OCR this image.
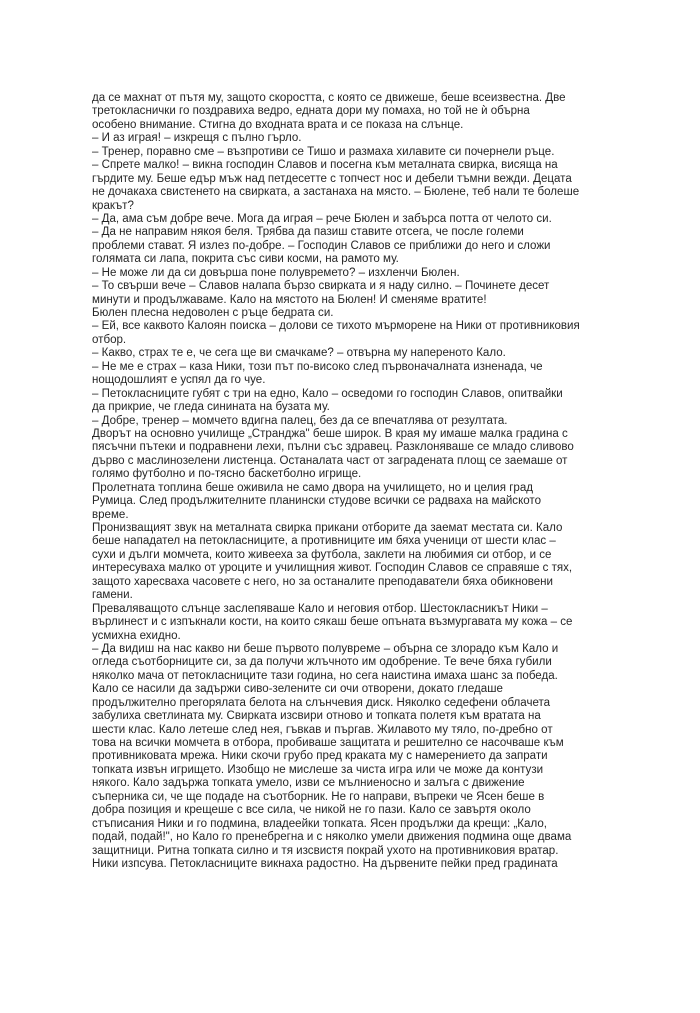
да се махнат от пътя му, защото скоростта, с която се движеше, беше всеизвестна. Две
третокласнички го поздравиха ведро, едната дори му помаха, но той не ѝ обърна
особено внимание. Стигна до входната врата и се показа на слънце.
– И аз играя! – изкрещя с пълно гърло.
– Тренер, поравно сме – възпротиви се Тишо и размаха хилавите си почернели ръце.
– Спрете малко! – викна господин Славов и посегна към металната свирка, висяща на
гърдите му. Беше едър мъж над петдесетте с топчест нос и дебели тъмни вежди. Децата
не дочакаха свистенето на свирката, а застанаха на място. – Бюлене, теб нали те болеше
кракът?
– Да, ама съм добре вече. Мога да играя – рече Бюлен и забърса потта от челото си.
– Да не направим някоя беля. Трябва да пазиш ставите отсега, че после големи
проблеми стават. Я излез по-добре. – Господин Славов се приближи до него и сложи
голямата си лапа, покрита със сиви косми, на рамото му.
– Не може ли да си довърша поне полувремето? – изхленчи Бюлен.
– То свърши вече – Славов налапа бързо свирката и я наду силно. – Починете десет
минути и продължаваме. Кало на мястото на Бюлен! И сменяме вратите!
Бюлен плесна недоволен с ръце бедрата си.
– Ей, все каквото Калоян поиска – долови се тихото мърморене на Ники от противниковия
отбор.
– Какво, страх те е, че сега ще ви смачкаме? – отвърна му напереното Кало.
– Не ме е страх – каза Ники, този път по-високо след първоначалната изненада, че
нощодошлият е успял да го чуе.
– Петокласниците губят с три на едно, Кало – осведоми го господин Славов, опитвайки
да прикрие, че гледа синината на бузата му.
– Добре, тренер – момчето вдигна палец, без да се впечатлява от резултата.
Дворът на основно училище „Странджа" беше широк. В края му имаше малка градина с
пясъчни пътеки и подравнени лехи, пълни със здравец. Разклоняваше се младо сливово
дърво с маслинозелени листенца. Останалата част от заградената площ се заемаше от
голямо футболно и по-тясно баскетболно игрище.
Пролетната топлина беше оживила не само двора на училището, но и целия град
Румица. След продължителните планински студове всички се радваха на майското
време.
Пронизващият звук на металната свирка прикани отборите да заемат местата си. Кало
беше нападател на петокласниците, а противниците им бяха ученици от шести клас –
сухи и дълги момчета, които живееха за футбола, заклети на любимия си отбор, и се
интересуваха малко от уроците и училищния живот. Господин Славов се справяше с тях,
защото харесваха часовете с него, но за останалите преподаватели бяха обикновени
гамени.
Преваляващото слънце заслепяваше Кало и неговия отбор. Шестокласникът Ники –
върлинест и с изпъкнали кости, на които сякаш беше опъната възмургавата му кожа – се
усмихна ехидно.
– Да видиш на нас какво ни беше първото полувреме – обърна се злорадо към Кало и
огледа съотборниците си, за да получи жлъчното им одобрение. Те вече бяха губили
няколко мача от петокласниците тази година, но сега наистина имаха шанс за победа.
Кало се насили да задържи сиво-зелените си очи отворени, докато гледаше
продължително прегорялата белота на слънчевия диск. Няколко седефени облачета
забулиха светлината му. Свирката изсвири отново и топката полетя към вратата на
шести клас. Кало летеше след нея, гъвкав и пъргав. Жилавото му тяло, по-дребно от
това на всички момчета в отбора, пробиваше защитата и решително се насочваше към
противниковата мрежа. Ники скочи грубо пред краката му с намерението да запрати
топката извън игрището. Изобщо не мислеше за чиста игра или че може да контузи
някого. Кало задържа топката умело, изви се мълниеносно и залъга с движение
съперника си, че ще подаде на съотборник. Не го направи, въпреки че Ясен беше в
добра позиция и крещеше с все сила, че никой не го пази. Кало се завъртя около
стъписания Ники и го подмина, владеейки топката. Ясен продължи да крещи: „Кало,
подай, подай!", но Кало го пренебрегна и с няколко умели движения подмина още двама
защитници. Ритна топката силно и тя изсвистя покрай ухото на противниковия вратар.
Ники изпсува. Петокласниците викнаха радостно. На дървените пейки пред градината
